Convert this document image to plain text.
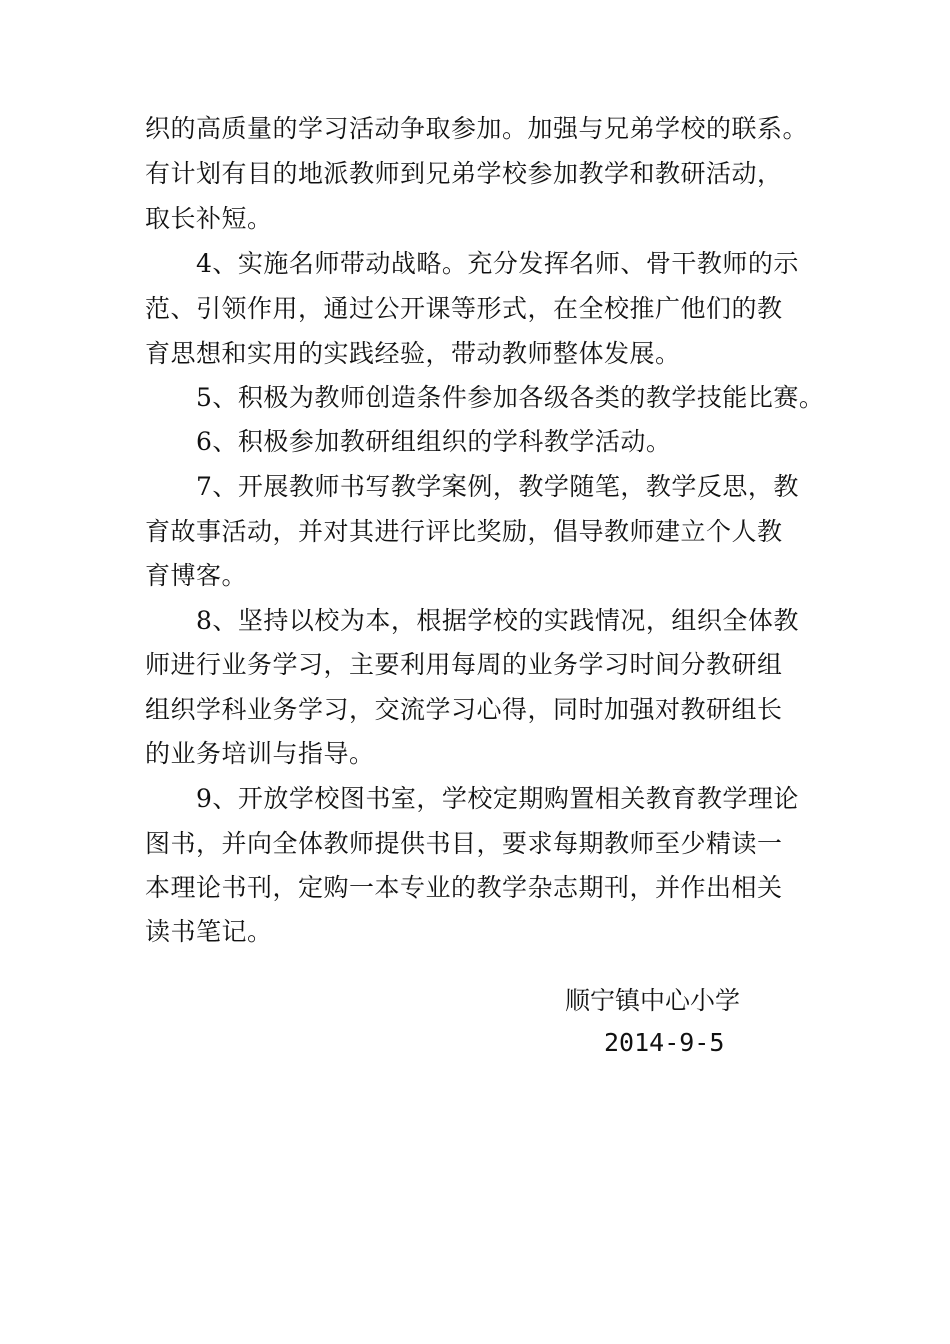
织的高质量的学习活动争取参加。加强与兄弟学校的联系。
有计划有目的地派教师到兄弟学校参加教学和教研活动，
取长补短。
4、实施名师带动战略。充分发挥名师、骨干教师的示
范、引领作用，通过公开课等形式，在全校推广他们的教
育思想和实用的实践经验，带动教师整体发展。
5、积极为教师创造条件参加各级各类的教学技能比赛。
6、积极参加教研组组织的学科教学活动。
7、开展教师书写教学案例，教学随笔，教学反思，教
育故事活动，并对其进行评比奖励，倡导教师建立个人教
育博客。
8、坚持以校为本，根据学校的实践情况，组织全体教
师进行业务学习，主要利用每周的业务学习时间分教研组
组织学科业务学习，交流学习心得，同时加强对教研组长
的业务培训与指导。
9、开放学校图书室，学校定期购置相关教育教学理论
图书，并向全体教师提供书目，要求每期教师至少精读一
本理论书刊，定购一本专业的教学杂志期刊，并作出相关
读书笔记。
顺宁镇中心小学
2014-9-5
